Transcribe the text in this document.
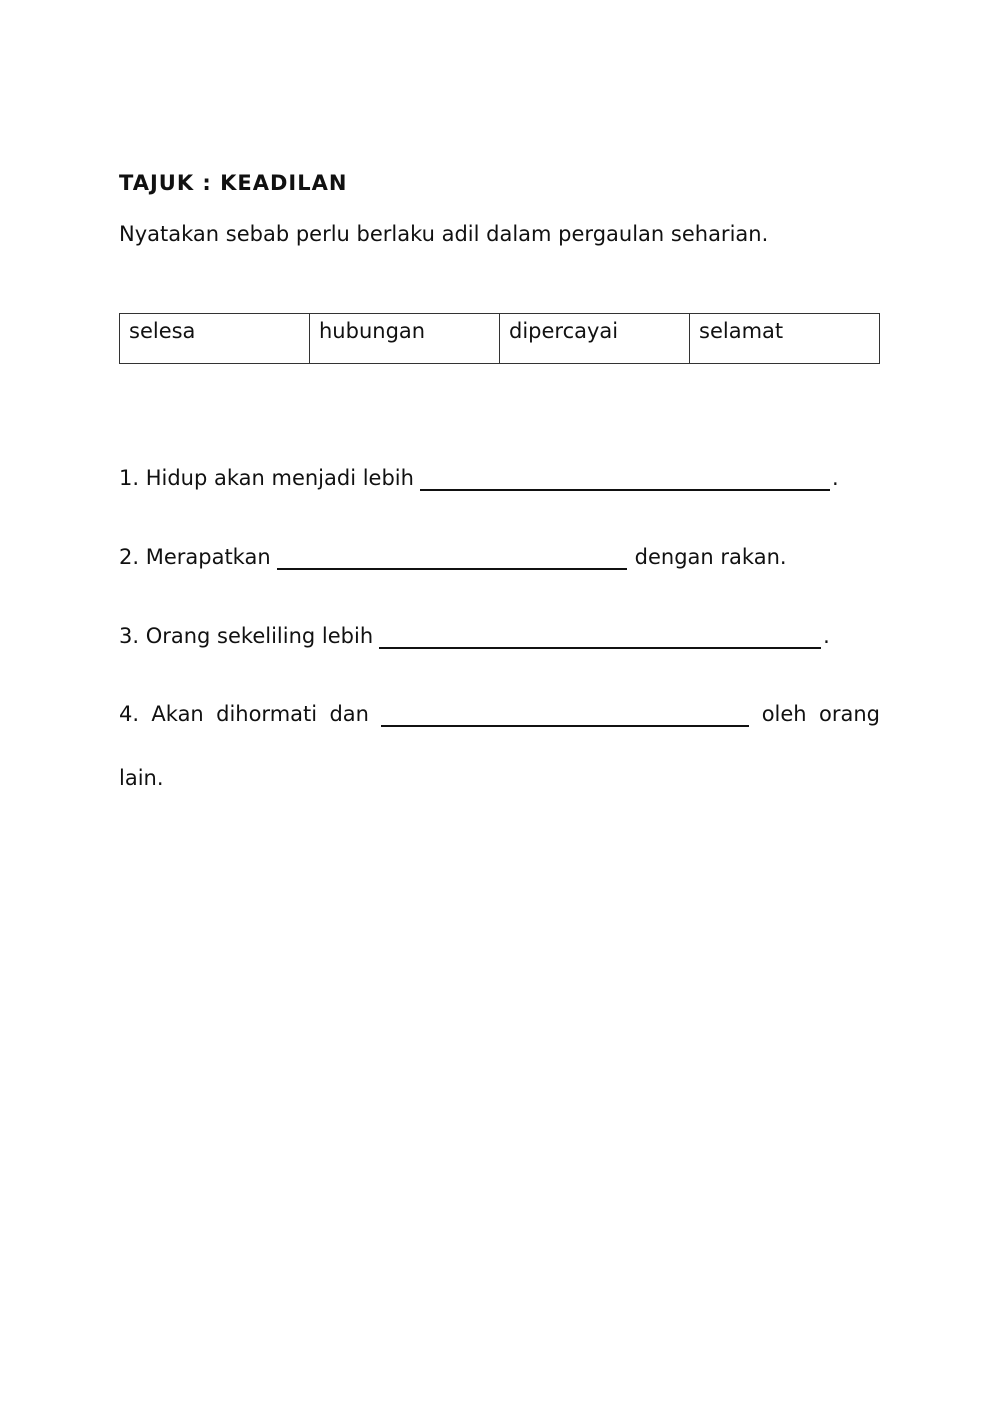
TAJUK : KEADILAN
Nyatakan sebab perlu berlaku adil dalam pergaulan seharian.
selesa	hubungan	dipercayai	selamat
1. Hidup akan menjadi lebih	.
2. Merapatkan	dengan rakan.
3. Orang sekeliling lebih	.
4. Akan dihormati dan	oleh orang
lain.
